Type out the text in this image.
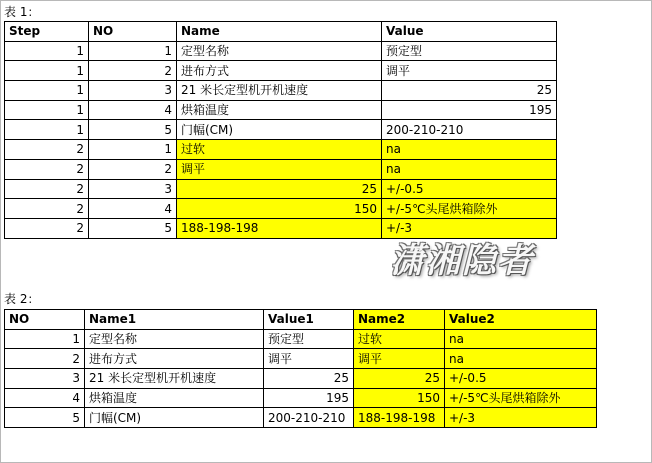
表 1：
Step	NO	Name	Value
1	1	定型名称	预定型
1	2	进布方式	调平
1	3	21 米长定型机开机速度	25
1	4	烘箱温度	195
1	5	门幅(CM)	200-210-210
2	1	过软	na
2	2	调平	na
2	3	25	+/-0.5
2	4	150	+/-5℃头尾烘箱除外
2	5	188-198-198	+/-3
潇湘隐者
表 2：
NO	Name1	Value1	Name2	Value2
1	定型名称	预定型	过软	na
2	进布方式	调平	调平	na
3	21 米长定型机开机速度	25	25	+/-0.5
4	烘箱温度	195	150	+/-5℃头尾烘箱除外
5	门幅(CM)	200-210-210	188-198-198	+/-3
